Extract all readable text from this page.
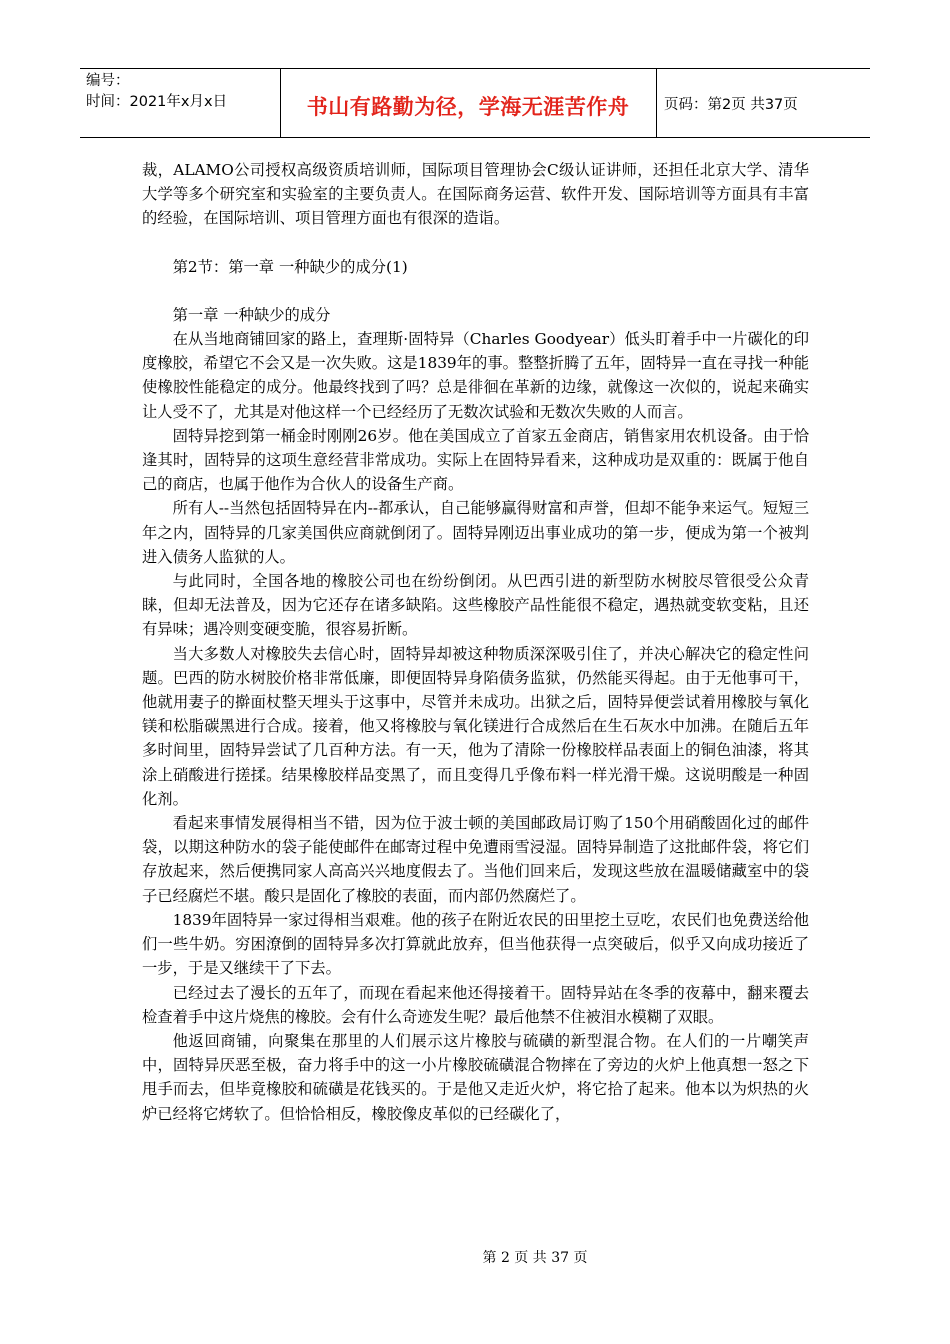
编号：
时间：2021年x月x日	书山有路勤为径，学海无涯苦作舟	页码：第2页 共37页

裁，ALAMO公司授权高级资质培训师，国际项目管理协会C级认证讲师，还担任北京大学、清华大学等多个研究室和实验室的主要负责人。在国际商务运营、软件开发、国际培训等方面具有丰富的经验，在国际培训、项目管理方面也有很深的造诣。

第2节：第一章 一种缺少的成分(1)

第一章 一种缺少的成分

在从当地商铺回家的路上，查理斯·固特异（Charles Goodyear）低头盯着手中一片碳化的印度橡胶，希望它不会又是一次失败。这是1839年的事。整整折腾了五年，固特异一直在寻找一种能使橡胶性能稳定的成分。他最终找到了吗？总是徘徊在革新的边缘，就像这一次似的，说起来确实让人受不了，尤其是对他这样一个已经经历了无数次试验和无数次失败的人而言。

固特异挖到第一桶金时刚刚26岁。他在美国成立了首家五金商店，销售家用农机设备。由于恰逢其时，固特异的这项生意经营非常成功。实际上在固特异看来，这种成功是双重的：既属于他自己的商店，也属于他作为合伙人的设备生产商。

所有人--当然包括固特异在内--都承认，自己能够赢得财富和声誉，但却不能争来运气。短短三年之内，固特异的几家美国供应商就倒闭了。固特异刚迈出事业成功的第一步，便成为第一个被判进入债务人监狱的人。

与此同时，全国各地的橡胶公司也在纷纷倒闭。从巴西引进的新型防水树胶尽管很受公众青睐，但却无法普及，因为它还存在诸多缺陷。这些橡胶产品性能很不稳定，遇热就变软变粘，且还有异味；遇冷则变硬变脆，很容易折断。

当大多数人对橡胶失去信心时，固特异却被这种物质深深吸引住了，并决心解决它的稳定性问题。巴西的防水树胶价格非常低廉，即便固特异身陷债务监狱，仍然能买得起。由于无他事可干，他就用妻子的擀面杖整天埋头于这事中，尽管并未成功。出狱之后，固特异便尝试着用橡胶与氧化镁和松脂碳黑进行合成。接着，他又将橡胶与氧化镁进行合成然后在生石灰水中加沸。在随后五年多时间里，固特异尝试了几百种方法。有一天，他为了清除一份橡胶样品表面上的铜色油漆，将其涂上硝酸进行搓揉。结果橡胶样品变黑了，而且变得几乎像布料一样光滑干燥。这说明酸是一种固化剂。

看起来事情发展得相当不错，因为位于波士顿的美国邮政局订购了150个用硝酸固化过的邮件袋，以期这种防水的袋子能使邮件在邮寄过程中免遭雨雪浸湿。固特异制造了这批邮件袋，将它们存放起来，然后便携同家人高高兴兴地度假去了。当他们回来后，发现这些放在温暖储藏室中的袋子已经腐烂不堪。酸只是固化了橡胶的表面，而内部仍然腐烂了。

1839年固特异一家过得相当艰难。他的孩子在附近农民的田里挖土豆吃，农民们也免费送给他们一些牛奶。穷困潦倒的固特异多次打算就此放弃，但当他获得一点突破后，似乎又向成功接近了一步，于是又继续干了下去。

已经过去了漫长的五年了，而现在看起来他还得接着干。固特异站在冬季的夜幕中，翻来覆去检查着手中这片烧焦的橡胶。会有什么奇迹发生呢？最后他禁不住被泪水模糊了双眼。

他返回商铺，向聚集在那里的人们展示这片橡胶与硫磺的新型混合物。在人们的一片嘲笑声中，固特异厌恶至极，奋力将手中的这一小片橡胶硫磺混合物摔在了旁边的火炉上他真想一怒之下甩手而去，但毕竟橡胶和硫磺是花钱买的。于是他又走近火炉，将它拾了起来。他本以为炽热的火炉已经将它烤软了。但恰恰相反，橡胶像皮革似的已经碳化了，

第 2 页 共 37 页
